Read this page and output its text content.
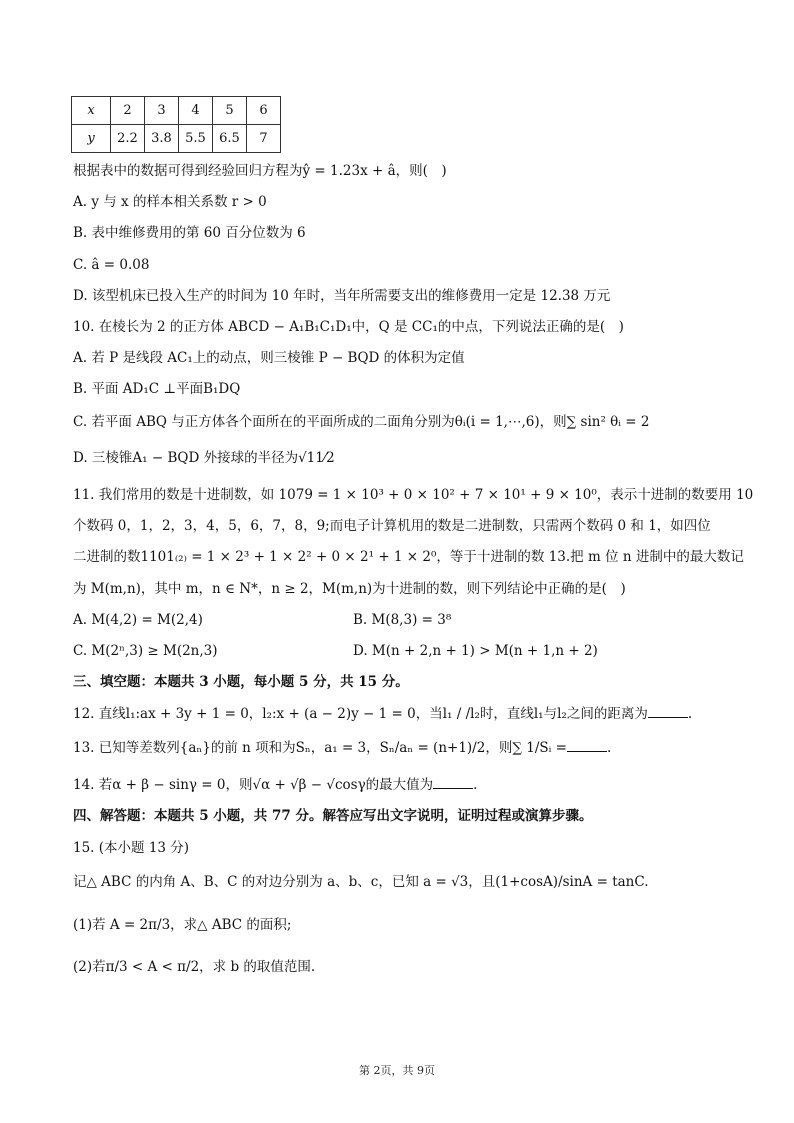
x	2	3	4	5	6
y	2.2	3.8	5.5	6.5	7
根据表中的数据可得到经验回归方程为ŷ = 1.23x + â，则(　)
A. y 与 x 的样本相关系数 r > 0
B. 表中维修费用的第 60 百分位数为 6
C. â = 0.08
D. 该型机床已投入生产的时间为 10 年时，当年所需要支出的维修费用一定是 12.38 万元
10. 在棱长为 2 的正方体 ABCD − A₁B₁C₁D₁中，Q 是 CC₁的中点，下列说法正确的是(　)
A. 若 P 是线段 AC₁上的动点，则三棱锥 P − BQD 的体积为定值
B. 平面 AD₁C ⊥平面B₁DQ
C. 若平面 ABQ 与正方体各个面所在的平面所成的二面角分别为θᵢ(i = 1,⋯,6)，则∑ sin² θᵢ = 2
D. 三棱锥A₁ − BQD 外接球的半径为√11⁄2
11. 我们常用的数是十进制数，如 1079 = 1 × 10³ + 0 × 10² + 7 × 10¹ + 9 × 10⁰，表示十进制的数要用 10
个数码 0，1，2，3，4，5，6，7，8，9;而电子计算机用的数是二进制数，只需两个数码 0 和 1，如四位
二进制的数1101₍₂₎ = 1 × 2³ + 1 × 2² + 0 × 2¹ + 1 × 2⁰，等于十进制的数 13.把 m 位 n 进制中的最大数记
为 M(m,n)，其中 m，n ∈ N*，n ≥ 2，M(m,n)为十进制的数，则下列结论中正确的是(　)
A. M(4,2) = M(2,4)	B. M(8,3) = 3⁸
C. M(2ⁿ,3) ≥ M(2n,3)	D. M(n + 2,n + 1) > M(n + 1,n + 2)
三、填空题：本题共 3 小题，每小题 5 分，共 15 分。
12. 直线l₁:ax + 3y + 1 = 0，l₂:x + (a − 2)y − 1 = 0，当l₁ / /l₂时，直线l₁与l₂之间的距离为	.
13. 已知等差数列{aₙ}的前 n 项和为Sₙ，a₁ = 3，Sₙ/aₙ = (n+1)/2，则∑ 1/Sᵢ =	.
14. 若α + β − sinγ = 0，则√α + √β − √cosγ的最大值为	.
四、解答题：本题共 5 小题，共 77 分。解答应写出文字说明，证明过程或演算步骤。
15. (本小题 13 分)
记△ ABC 的内角 A、B、C 的对边分别为 a、b、c，已知 a = √3，且(1+cosA)/sinA = tanC.
(1)若 A = 2π/3，求△ ABC 的面积;
(2)若π/3 < A < π/2，求 b 的取值范围.
第 2页，共 9页
